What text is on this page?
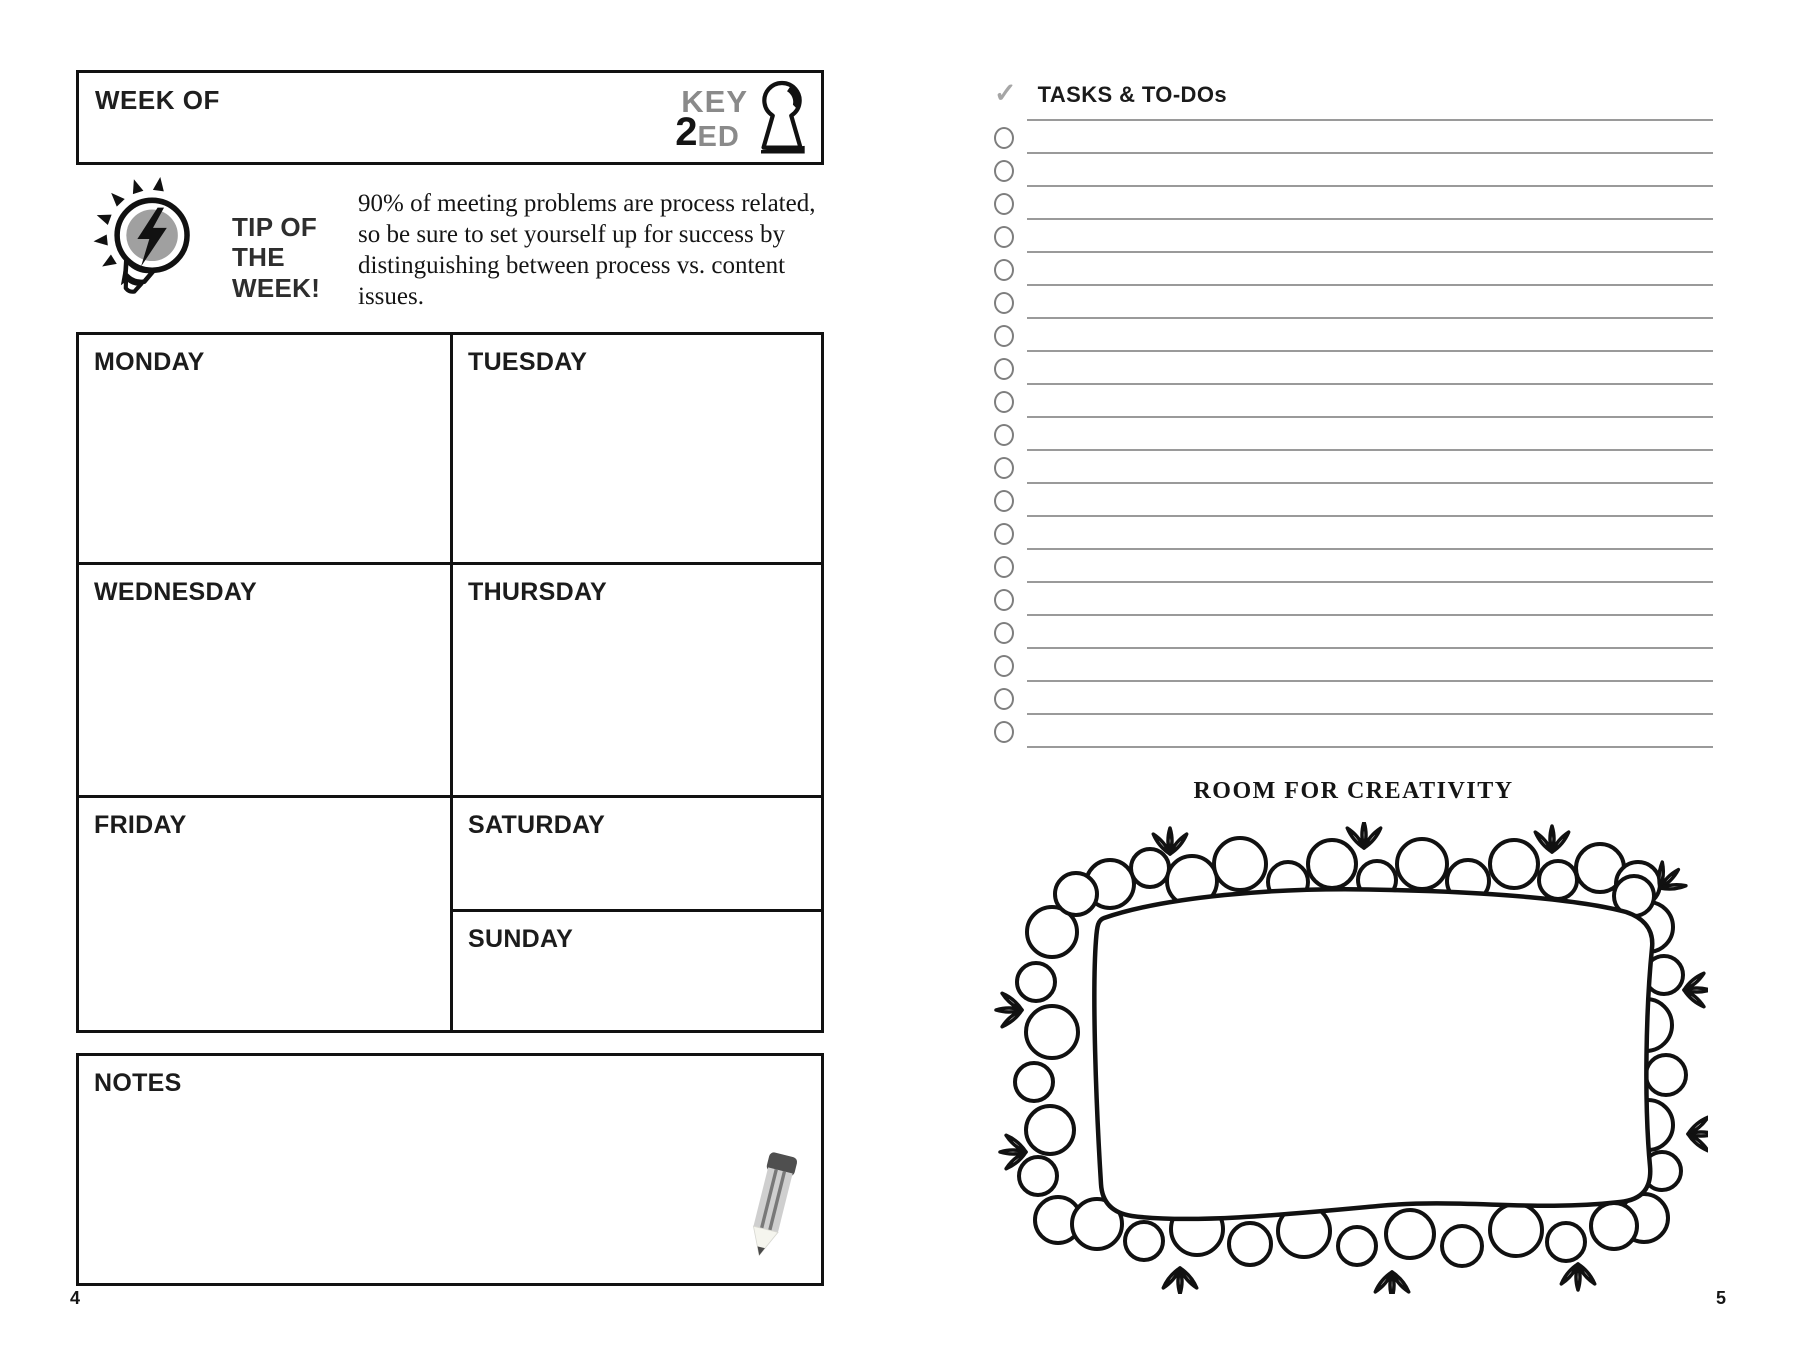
WEEK OF	KEY
2 ED
TIP OF
THE
WEEK!
90% of meeting problems are process related, so be sure to set yourself up for success by distinguishing between process vs. content issues.
MONDAY	TUESDAY
WEDNESDAY	THURSDAY
FRIDAY	SATURDAY
SUNDAY
NOTES
4
✓ TASKS & TO-DOs
ROOM FOR CREATIVITY
5
